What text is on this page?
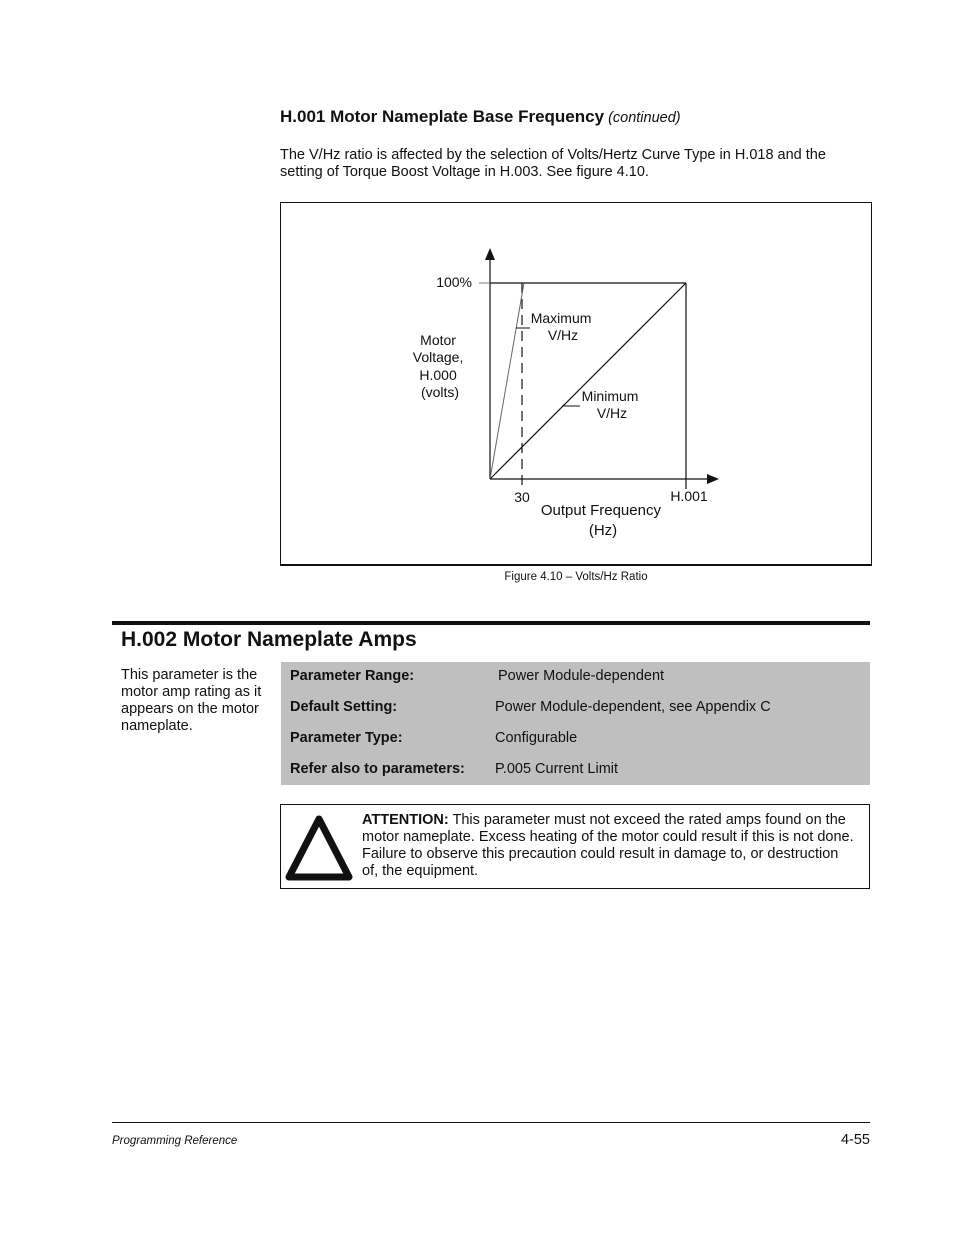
H.001 Motor Nameplate Base Frequency (continued)
The V/Hz ratio is affected by the selection of Volts/Hertz Curve Type in H.018 and the setting of Torque Boost Voltage in H.003. See figure 4.10.
100%
Motor Voltage, H.000 (volts)
Maximum V/Hz
Minimum V/Hz
30	H.001
Output Frequency (Hz)
Figure 4.10 – Volts/Hz Ratio
H.002 Motor Nameplate Amps
This parameter is the motor amp rating as it appears on the motor nameplate.
Parameter Range:	Power Module-dependent
Default Setting:	Power Module-dependent, see Appendix C
Parameter Type:	Configurable
Refer also to parameters: P.005 Current Limit
ATTENTION: This parameter must not exceed the rated amps found on the motor nameplate. Excess heating of the motor could result if this is not done. Failure to observe this precaution could result in damage to, or destruction of, the equipment.
Programming Reference	4-55
